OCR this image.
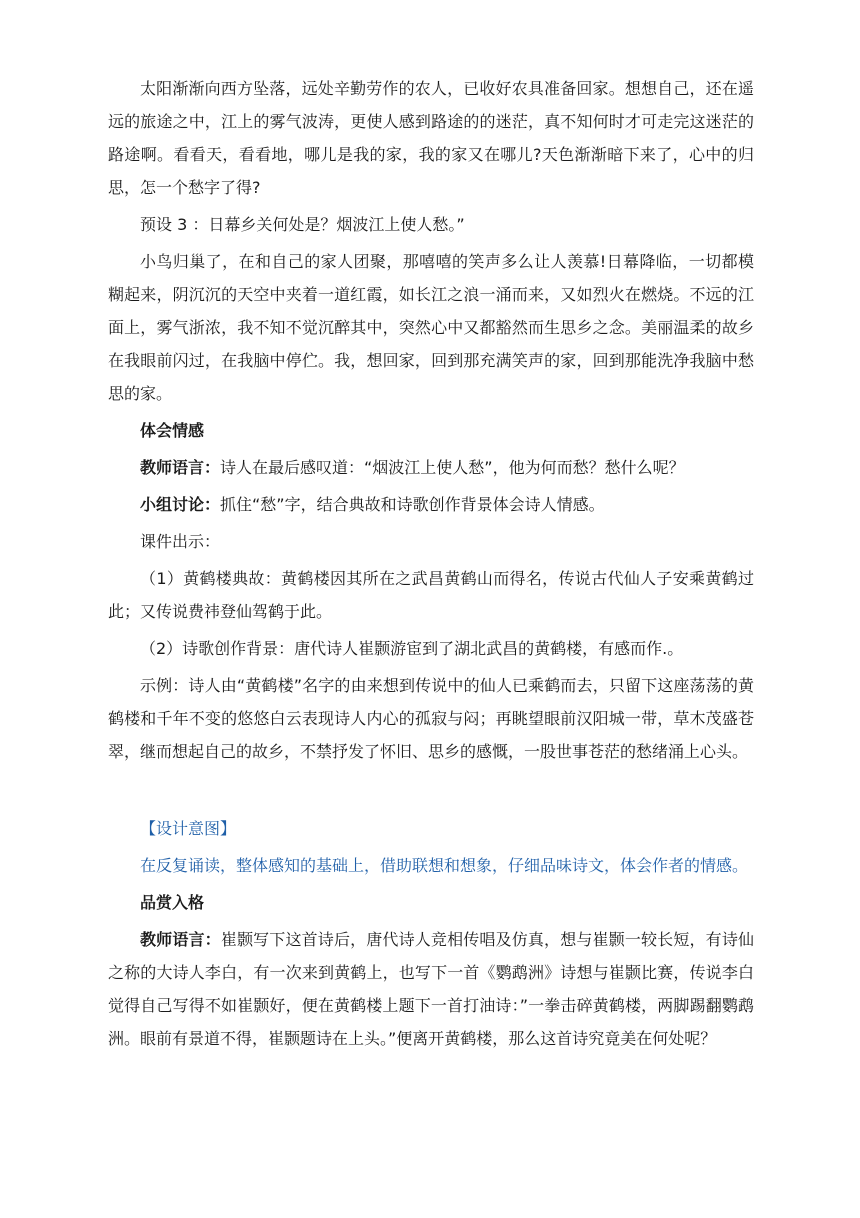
太阳渐渐向西方坠落，远处辛勤劳作的农人，已收好农具准备回家。想想自己，还在遥远的旅途之中，江上的雾气波涛，更使人感到路途的的迷茫，真不知何时才可走完这迷茫的路途啊。看看天，看看地，哪儿是我的家，我的家又在哪儿?天色渐渐暗下来了，心中的归思，怎一个愁字了得?

预设 3 ：日幕乡关何处是？烟波江上使人愁。”

小鸟归巢了，在和自己的家人团聚，那嘻嘻的笑声多么让人羡慕!日幕降临，一切都模糊起来，阴沉沉的天空中夹着一道红霞，如长江之浪一涌而来，又如烈火在燃烧。不远的江面上，雾气浙浓，我不知不觉沉醉其中，突然心中又都豁然而生思乡之念。美丽温柔的故乡在我眼前闪过，在我脑中停伫。我，想回家，回到那充满笑声的家，回到那能洗净我脑中愁思的家。

体会情感

教师语言：诗人在最后感叹道：“烟波江上使人愁”，他为何而愁？愁什么呢？

小组讨论：抓住“愁”字，结合典故和诗歌创作背景体会诗人情感。

课件出示：

（1）黄鹤楼典故：黄鹤楼因其所在之武昌黄鹤山而得名，传说古代仙人子安乘黄鹤过此；又传说费祎登仙驾鹤于此。

（2）诗歌创作背景：唐代诗人崔颢游宦到了湖北武昌的黄鹤楼，有感而作.。

示例：诗人由“黄鹤楼”名字的由来想到传说中的仙人已乘鹤而去，只留下这座荡荡的黄鹤楼和千年不变的悠悠白云表现诗人内心的孤寂与闷；再眺望眼前汉阳城一带，草木茂盛苍翠，继而想起自己的故乡，不禁抒发了怀旧、思乡的感慨，一股世事苍茫的愁绪涌上心头。

【设计意图】

在反复诵读，整体感知的基础上，借助联想和想象，仔细品味诗文，体会作者的情感。

品赏入格

教师语言：崔颢写下这首诗后，唐代诗人竞相传唱及仿真，想与崔颢一较长短，有诗仙之称的大诗人李白，有一次来到黄鹤上，也写下一首《鹦鹉洲》诗想与崔颢比赛，传说李白觉得自己写得不如崔颢好，便在黄鹤楼上题下一首打油诗：”一拳击碎黄鹤楼，两脚踢翻鹦鹉洲。眼前有景道不得，崔颢题诗在上头。”便离开黄鹤楼，那么这首诗究竟美在何处呢？
